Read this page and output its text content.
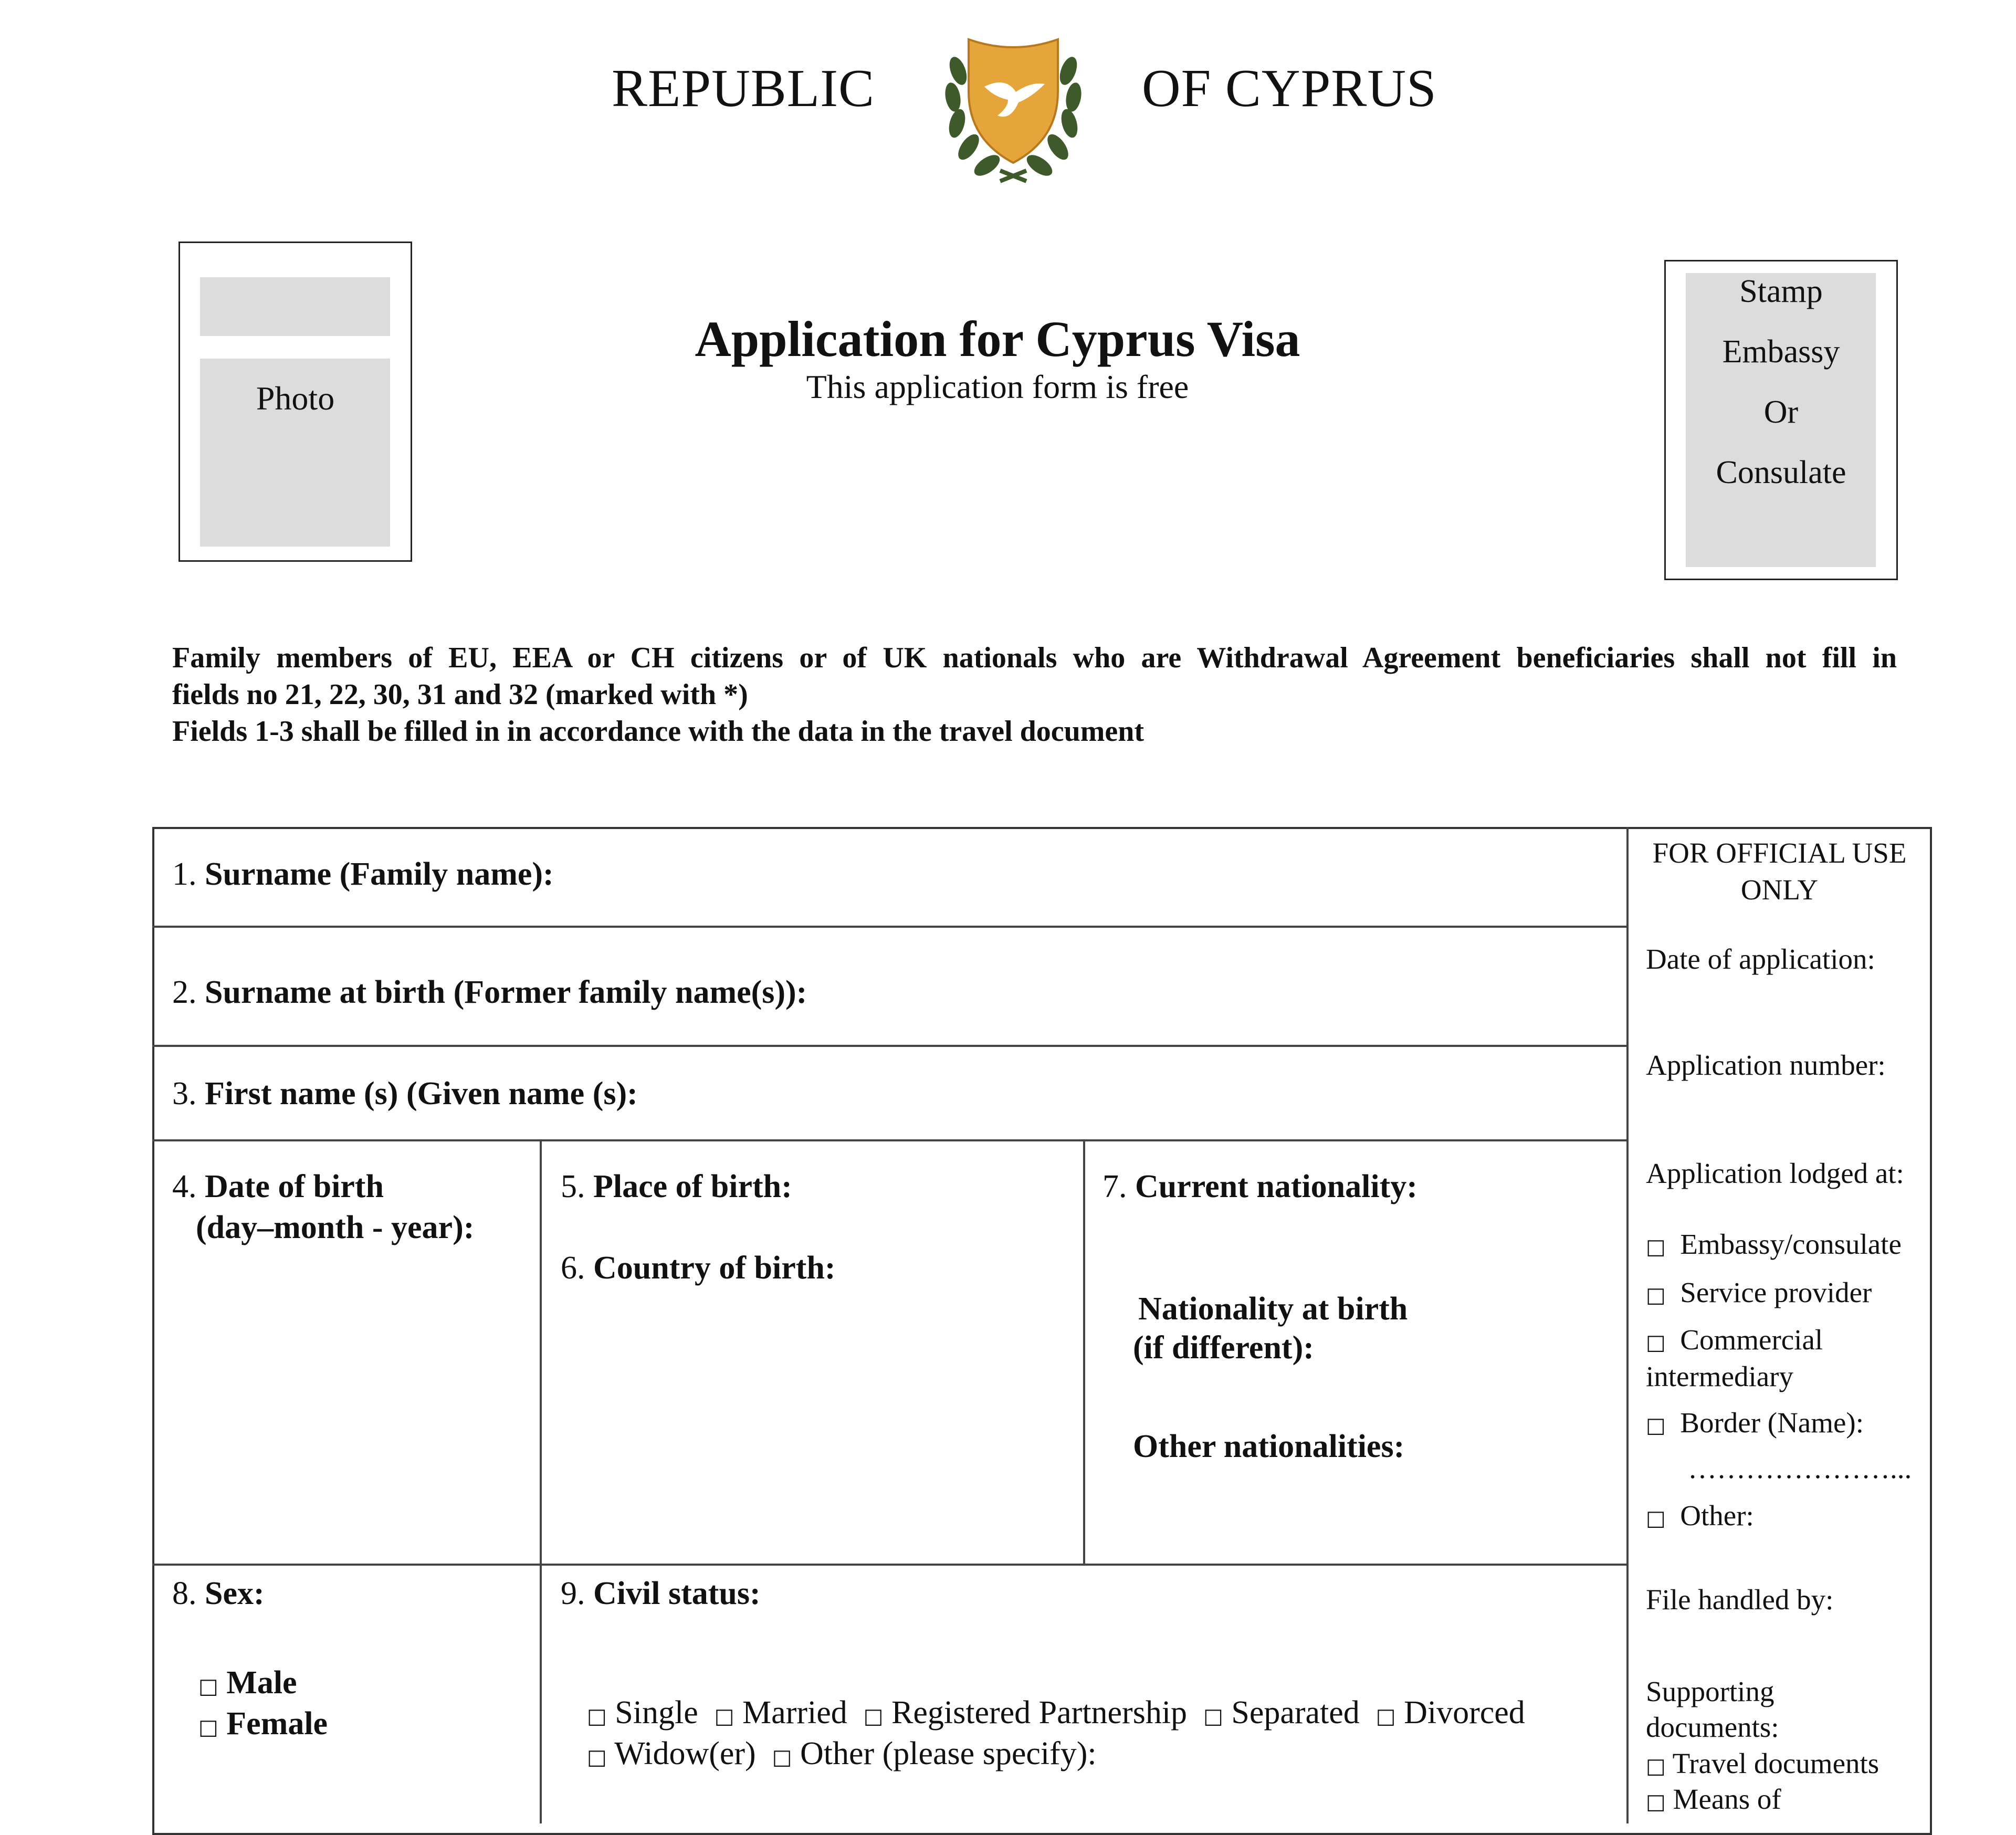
REPUBLIC	OF CYPRUS
Photo
Application for Cyprus Visa
This application form is free
Stamp
Embassy
Or
Consulate
Family members of EU, EEA or CH citizens or of UK nationals who are Withdrawal Agreement beneficiaries shall not fill in
fields no 21, 22, 30, 31 and 32 (marked with *)
Fields 1-3 shall be filled in in accordance with the data in the travel document
1. Surname (Family name):
2. Surname at birth (Former family name(s)):
3. First name (s) (Given name (s):
4. Date of birth
(day–month - year):
5. Place of birth:
6. Country of birth:
7. Current nationality:
Nationality at birth
(if different):
Other nationalities:
8. Sex:
□ Male
□ Female
9. Civil status:
□ Single □ Married □ Registered Partnership □ Separated □ Divorced
□ Widow(er) □ Other (please specify):
FOR OFFICIAL USE
ONLY
Date of application:
Application number:
Application lodged at:
□ Embassy/consulate
□ Service provider
□ Commercial
intermediary
□ Border (Name):
…………………...
□ Other:
File handled by:
Supporting
documents:
□ Travel documents
□ Means of
